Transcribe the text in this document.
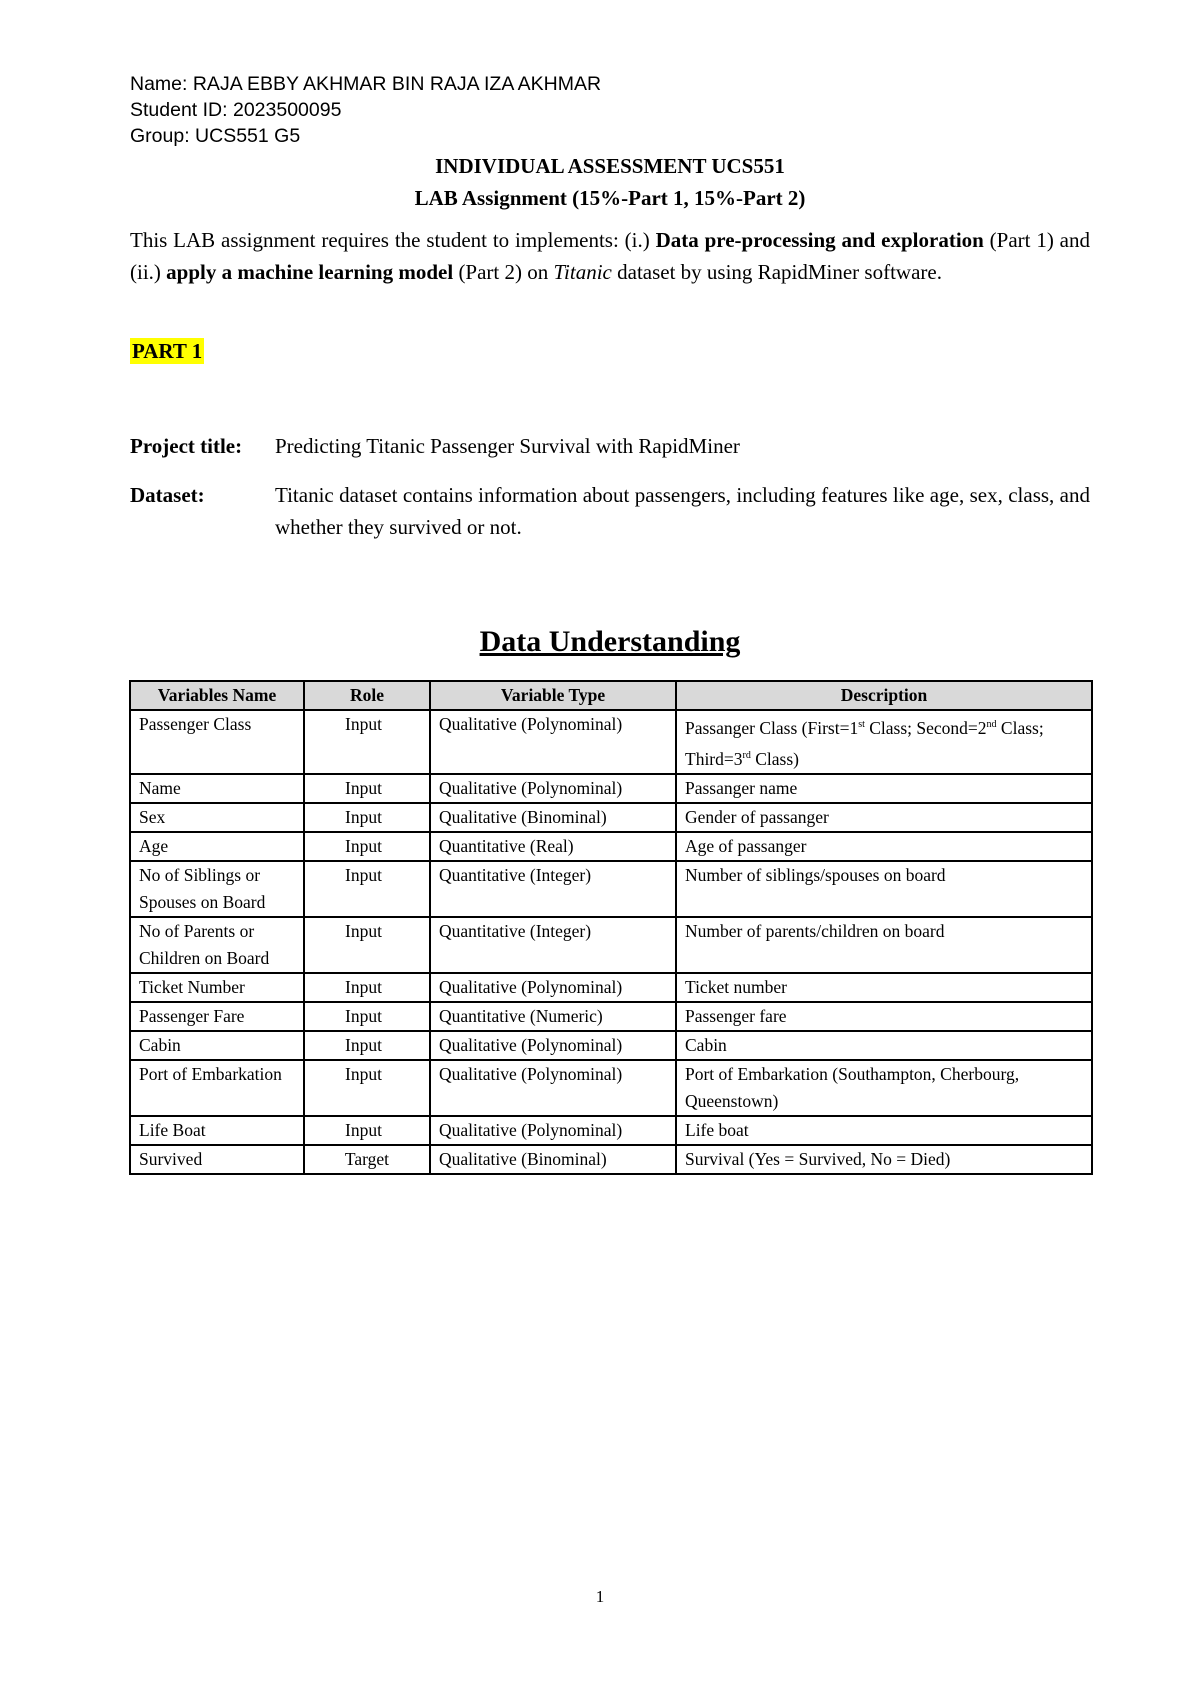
Name: RAJA EBBY AKHMAR BIN RAJA IZA AKHMAR
Student ID: 2023500095
Group: UCS551 G5
INDIVIDUAL ASSESSMENT UCS551
LAB Assignment (15%-Part 1, 15%-Part 2)
This LAB assignment requires the student to implements: (i.) Data pre-processing and exploration (Part 1) and (ii.) apply a machine learning model (Part 2) on Titanic dataset by using RapidMiner software.
PART 1
Project title: Predicting Titanic Passenger Survival with RapidMiner
Dataset:	Titanic dataset contains information about passengers, including features like age, sex, class, and whether they survived or not.
Data Understanding
Variables Name	Role	Variable Type	Description
Passenger Class	Input	Qualitative (Polynominal)	Passanger Class (First=1st Class; Second=2nd Class; Third=3rd Class)
Name	Input	Qualitative (Polynominal)	Passanger name
Sex	Input	Qualitative (Binominal)	Gender of passanger
Age	Input	Quantitative (Real)	Age of passanger
No of Siblings or Spouses on Board	Input	Quantitative (Integer)	Number of siblings/spouses on board
No of Parents or Children on Board	Input	Quantitative (Integer)	Number of parents/children on board
Ticket Number	Input	Qualitative (Polynominal)	Ticket number
Passenger Fare	Input	Quantitative (Numeric)	Passenger fare
Cabin	Input	Qualitative (Polynominal)	Cabin
Port of Embarkation	Input	Qualitative (Polynominal)	Port of Embarkation (Southampton, Cherbourg, Queenstown)
Life Boat	Input	Qualitative (Polynominal)	Life boat
Survived	Target	Qualitative (Binominal)	Survival (Yes = Survived, No = Died)
1
